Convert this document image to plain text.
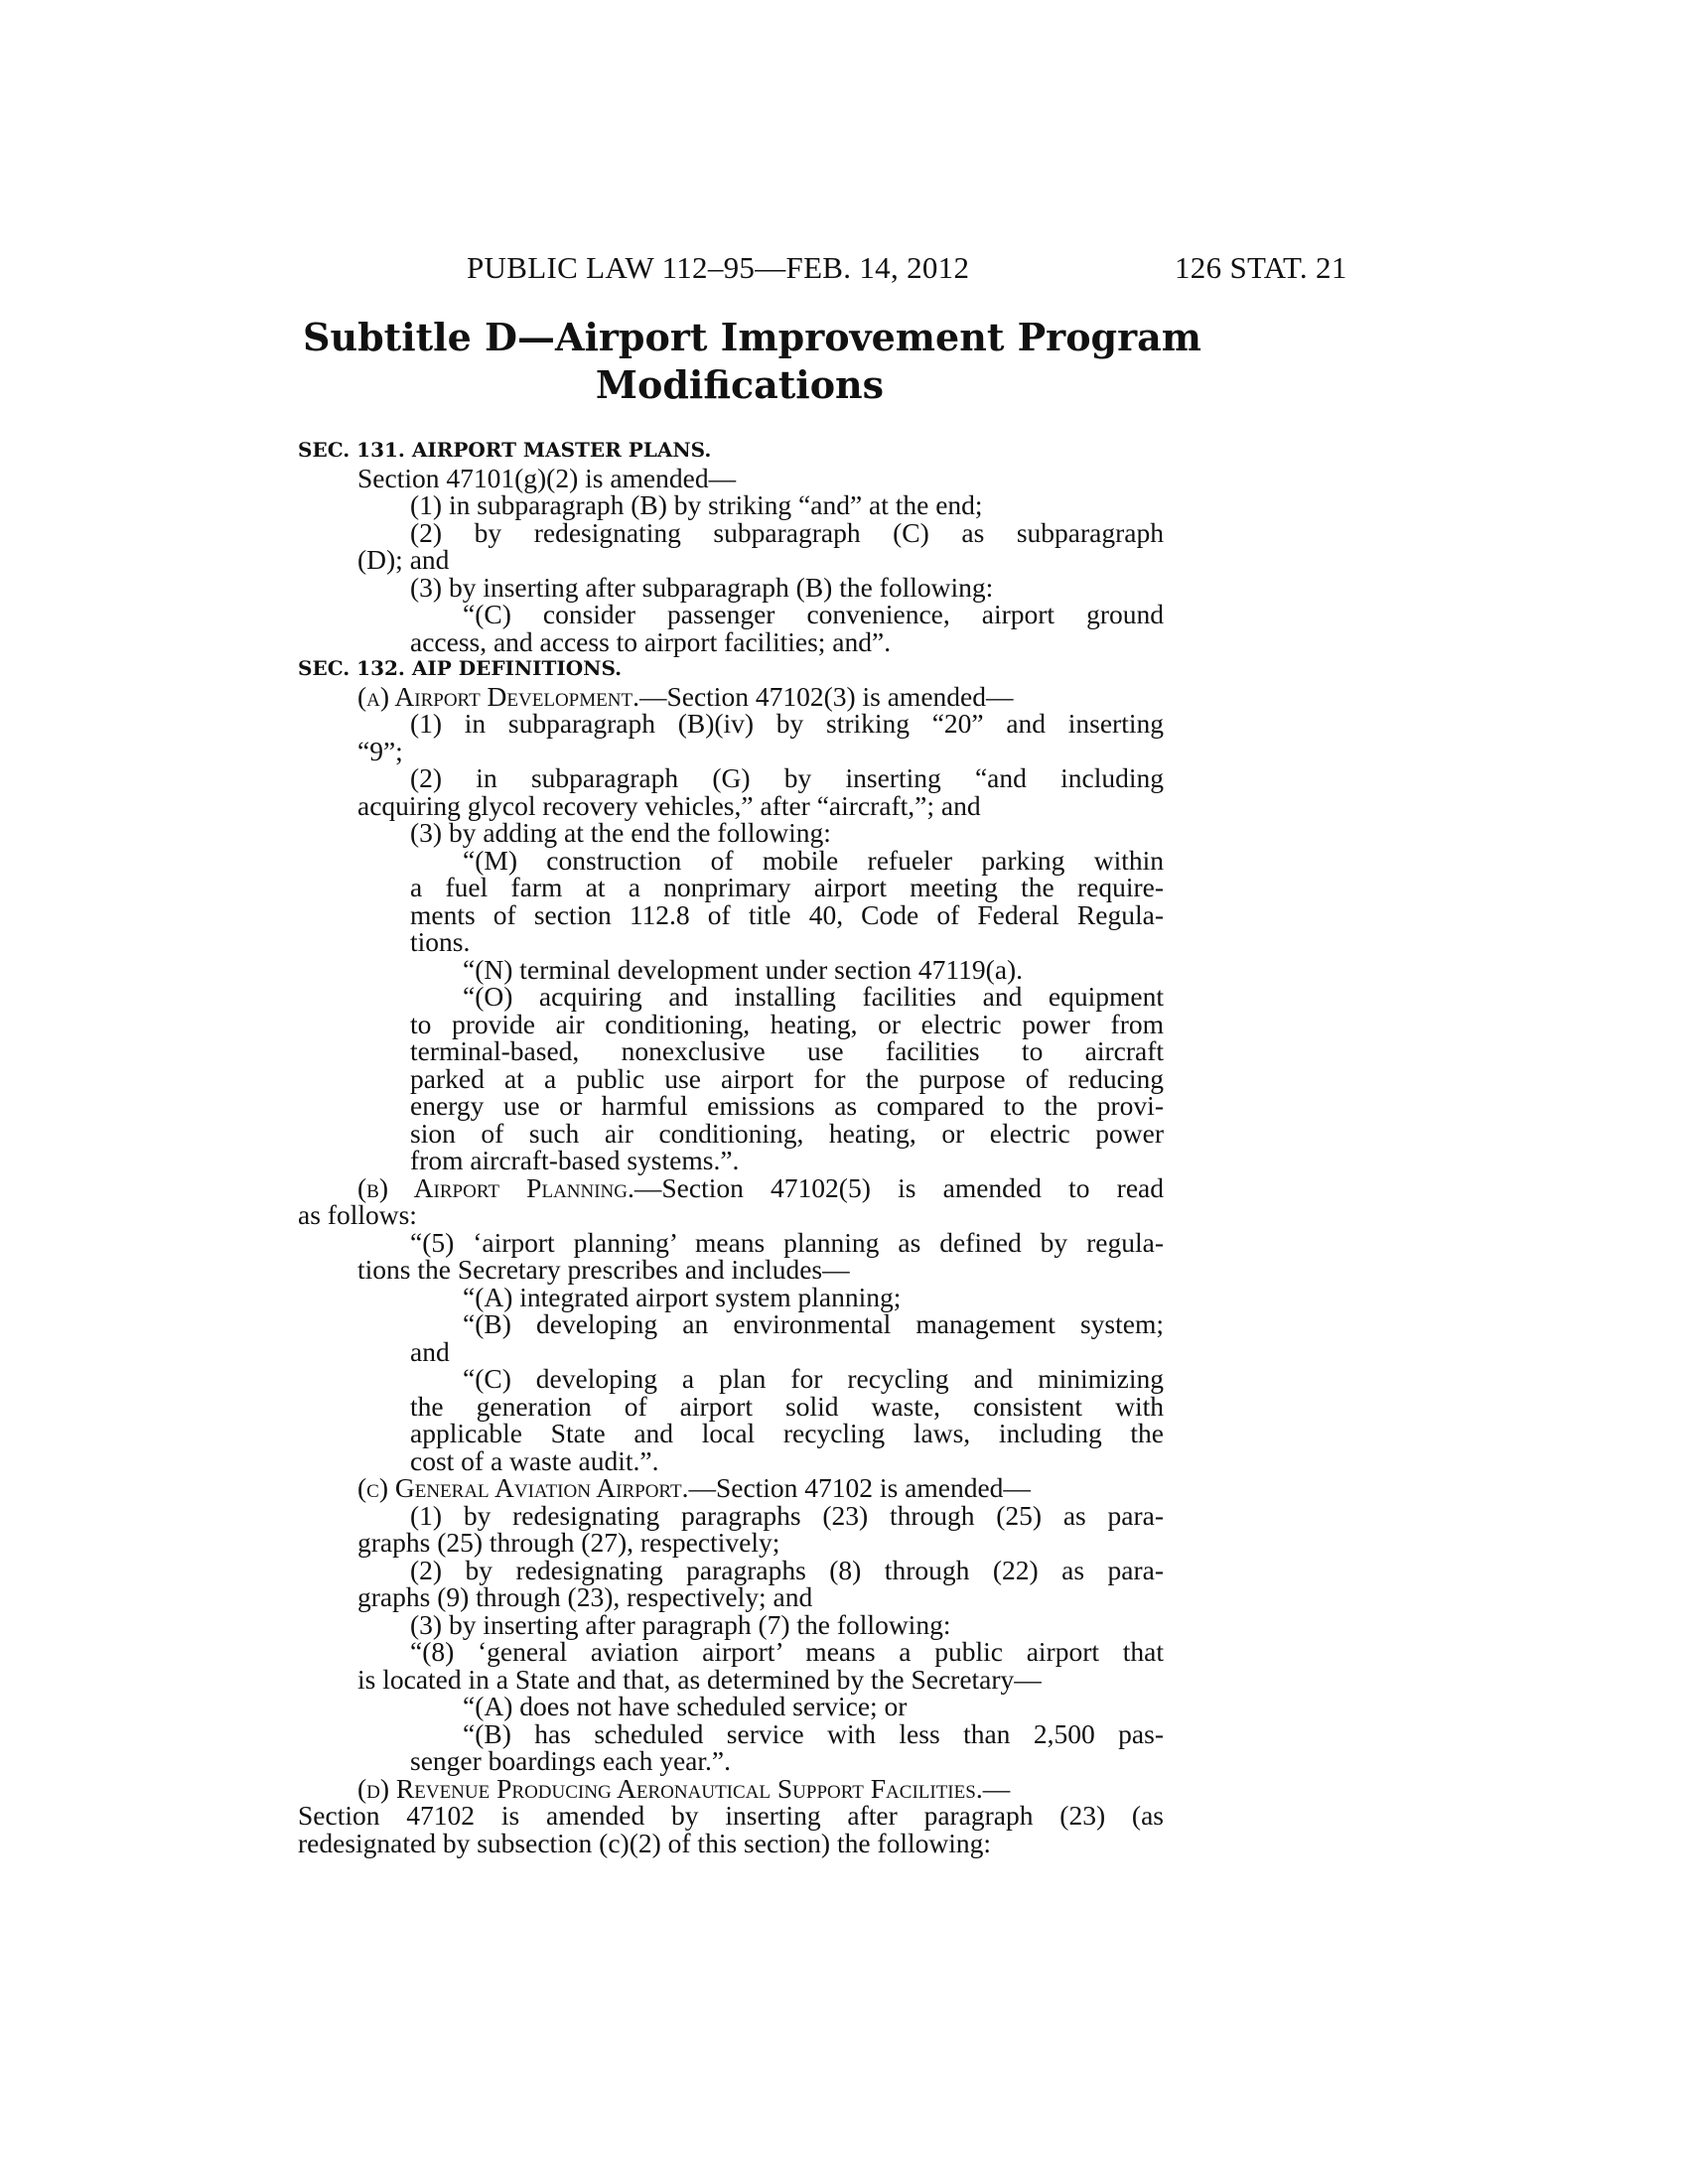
PUBLIC LAW 112–95—FEB. 14, 2012	126 STAT. 21
Subtitle D—Airport Improvement Program
Modifications
SEC. 131. AIRPORT MASTER PLANS.
Section 47101(g)(2) is amended—
(1) in subparagraph (B) by striking “and” at the end;
(2) by redesignating subparagraph (C) as subparagraph
(D); and
(3) by inserting after subparagraph (B) the following:
“(C) consider passenger convenience, airport ground
access, and access to airport facilities; and”.
SEC. 132. AIP DEFINITIONS.
(a) Airport Development.—Section 47102(3) is amended—
(1) in subparagraph (B)(iv) by striking “20” and inserting
“9”;
(2) in subparagraph (G) by inserting “and including
acquiring glycol recovery vehicles,” after “aircraft,”; and
(3) by adding at the end the following:
“(M) construction of mobile refueler parking within
a fuel farm at a nonprimary airport meeting the require-
ments of section 112.8 of title 40, Code of Federal Regula-
tions.
“(N) terminal development under section 47119(a).
“(O) acquiring and installing facilities and equipment
to provide air conditioning, heating, or electric power from
terminal-based, nonexclusive use facilities to aircraft
parked at a public use airport for the purpose of reducing
energy use or harmful emissions as compared to the provi-
sion of such air conditioning, heating, or electric power
from aircraft-based systems.”.
(b) Airport Planning.—Section 47102(5) is amended to read
as follows:
“(5) ‘airport planning’ means planning as defined by regula-
tions the Secretary prescribes and includes—
“(A) integrated airport system planning;
“(B) developing an environmental management system;
and
“(C) developing a plan for recycling and minimizing
the generation of airport solid waste, consistent with
applicable State and local recycling laws, including the
cost of a waste audit.”.
(c) General Aviation Airport.—Section 47102 is amended—
(1) by redesignating paragraphs (23) through (25) as para-
graphs (25) through (27), respectively;
(2) by redesignating paragraphs (8) through (22) as para-
graphs (9) through (23), respectively; and
(3) by inserting after paragraph (7) the following:
“(8) ‘general aviation airport’ means a public airport that
is located in a State and that, as determined by the Secretary—
“(A) does not have scheduled service; or
“(B) has scheduled service with less than 2,500 pas-
senger boardings each year.”.
(d) Revenue Producing Aeronautical Support Facilities.—
Section 47102 is amended by inserting after paragraph (23) (as
redesignated by subsection (c)(2) of this section) the following:
